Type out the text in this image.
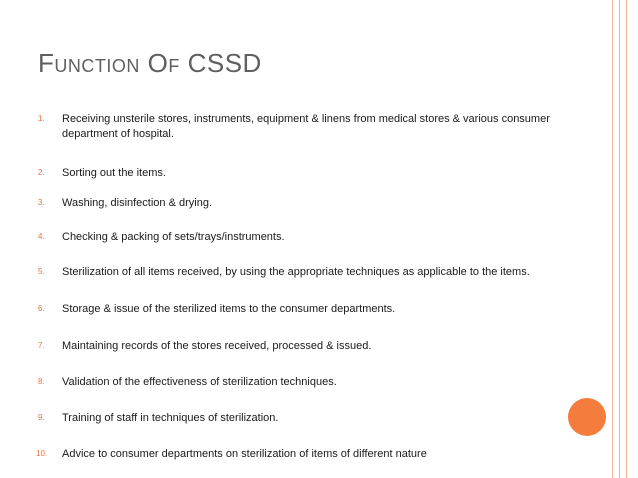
FUNCTION OF CSSD
1. Receiving unsterile stores, instruments, equipment & linens from medical stores & various consumer department of hospital.
2. Sorting out the items.
3. Washing, disinfection & drying.
4. Checking & packing of sets/trays/instruments.
5. Sterilization of all items received, by using the appropriate techniques as applicable to the items.
6. Storage & issue of the sterilized items to the consumer departments.
7. Maintaining records of the stores received, processed & issued.
8. Validation of the effectiveness of sterilization techniques.
9. Training of staff in techniques of sterilization.
10. Advice to consumer departments on sterilization of items of different nature
